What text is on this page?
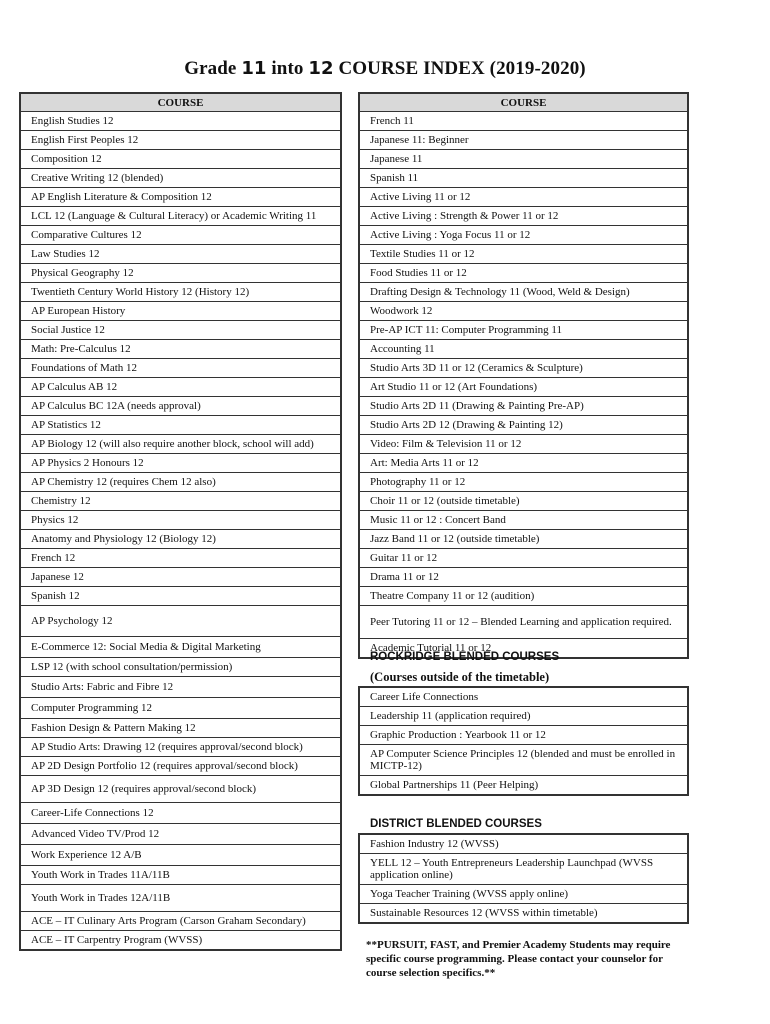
Grade 11 into 12 COURSE INDEX (2019-2020)
COURSE
English Studies 12
English First Peoples 12
Composition 12
Creative Writing 12 (blended)
AP English Literature & Composition 12
LCL 12 (Language & Cultural Literacy) or Academic Writing 11
Comparative Cultures 12
Law Studies 12
Physical Geography 12
Twentieth Century World History 12 (History 12)
AP European History
Social Justice 12
Math: Pre-Calculus 12
Foundations of Math 12
AP Calculus AB 12
AP Calculus BC 12A (needs approval)
AP Statistics 12
AP Biology 12 (will also require another block, school will add)
AP Physics 2 Honours 12
AP Chemistry 12 (requires Chem 12 also)
Chemistry 12
Physics 12
Anatomy and Physiology 12 (Biology 12)
French 12
Japanese 12
Spanish 12
AP Psychology 12
E-Commerce 12: Social Media & Digital Marketing
LSP 12 (with school consultation/permission)
Studio Arts: Fabric and Fibre 12
Computer Programming 12
Fashion Design & Pattern Making 12
AP Studio Arts: Drawing 12 (requires approval/second block)
AP 2D Design Portfolio 12 (requires approval/second block)
AP 3D Design 12 (requires approval/second block)
Career-Life Connections 12
Advanced Video TV/Prod 12
Work Experience 12 A/B
Youth Work in Trades 11A/11B
Youth Work in Trades 12A/11B
ACE – IT Culinary Arts Program (Carson Graham Secondary)
ACE – IT Carpentry Program (WVSS)
COURSE
French 11
Japanese 11: Beginner
Japanese 11
Spanish 11
Active Living 11 or 12
Active Living : Strength & Power 11 or 12
Active Living : Yoga Focus 11 or 12
Textile Studies 11 or 12
Food Studies 11 or 12
Drafting Design & Technology 11 (Wood, Weld & Design)
Woodwork 12
Pre-AP ICT 11: Computer Programming 11
Accounting 11
Studio Arts 3D 11 or 12 (Ceramics & Sculpture)
Art Studio 11 or 12 (Art Foundations)
Studio Arts 2D 11 (Drawing & Painting Pre-AP)
Studio Arts 2D 12 (Drawing & Painting 12)
Video: Film & Television 11 or 12
Art: Media Arts 11 or 12
Photography 11 or 12
Choir 11 or 12 (outside timetable)
Music 11 or 12 : Concert Band
Jazz Band 11 or 12 (outside timetable)
Guitar 11 or 12
Drama 11 or 12
Theatre Company 11 or 12 (audition)
Peer Tutoring 11 or 12 – Blended Learning and application required.
Academic Tutorial 11 or 12
ROCKRIDGE BLENDED COURSES
(Courses outside of the timetable)
Career Life Connections
Leadership 11 (application required)
Graphic Production : Yearbook 11 or 12
AP Computer Science Principles 12 (blended and must be enrolled in MICTP-12)
Global Partnerships 11 (Peer Helping)
DISTRICT BLENDED COURSES
Fashion Industry 12 (WVSS)
YELL 12 – Youth Entrepreneurs Leadership Launchpad (WVSS application online)
Yoga Teacher Training (WVSS apply online)
Sustainable Resources 12 (WVSS within timetable)
**PURSUIT, FAST, and Premier Academy Students may require specific course programming. Please contact your counselor for course selection specifics.**
